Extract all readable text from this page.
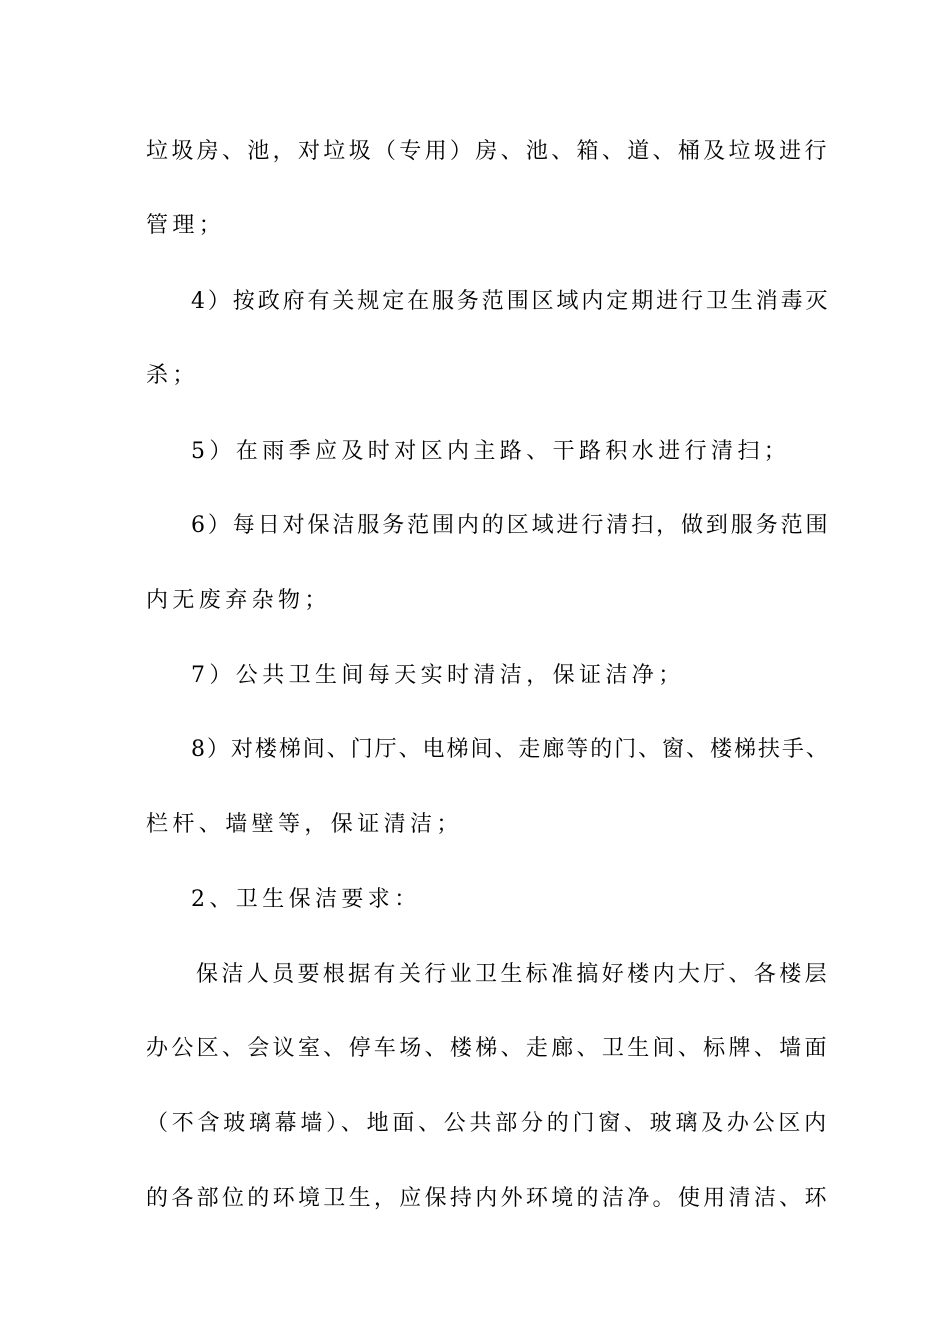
垃圾房、池，对垃圾（专用）房、池、箱、道、桶及垃圾进行
管理；
4）按政府有关规定在服务范围区域内定期进行卫生消毒灭
杀；
5）在雨季应及时对区内主路、干路积水进行清扫；
6）每日对保洁服务范围内的区域进行清扫，做到服务范围
内无废弃杂物；
7）公共卫生间每天实时清洁，保证洁净；
8）对楼梯间、门厅、电梯间、走廊等的门、窗、楼梯扶手、
栏杆、墙壁等，保证清洁；
2、卫生保洁要求：
保洁人员要根据有关行业卫生标准搞好楼内大厅、各楼层
办公区、会议室、停车场、楼梯、走廊、卫生间、标牌、墙面
（不含玻璃幕墙）、地面、公共部分的门窗、玻璃及办公区内
的各部位的环境卫生，应保持内外环境的洁净。使用清洁、环
